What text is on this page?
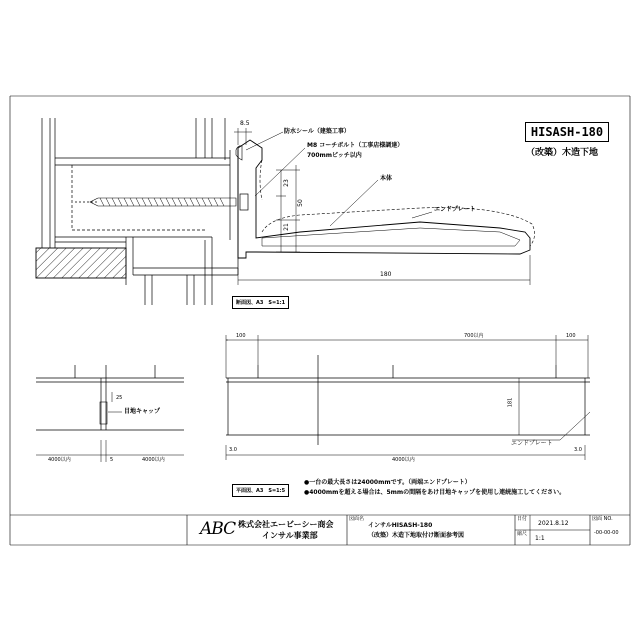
HISASH-180
（改築）木造下地
防水シール（建築工事）
M8 コーチボルト（工事店様調達）
700mmピッチ以内
本体
エンドプレート
8.5
23
50
21
180
断面図、A3　S=1:1
25
目地キャップ
4000以内	5	4000以内
100	700以内	100
181
エンドプレート
3.0	3.0
4000以内
平面図、A3　S=1:5
●一台の最大長さは24000mmです。（両端エンドプレート）
●4000mmを超える場合は、5mmの間隔をあけ目地キャップを使用し連続施工してください。
ABC 株式会社エービーシー商会
インサル事業部
図面名
インサルHISASH-180
（改築）木造下地取付け断面参考図
日付
2021.8.12
縮尺
1:1
図面 NO.
-00-00-00
